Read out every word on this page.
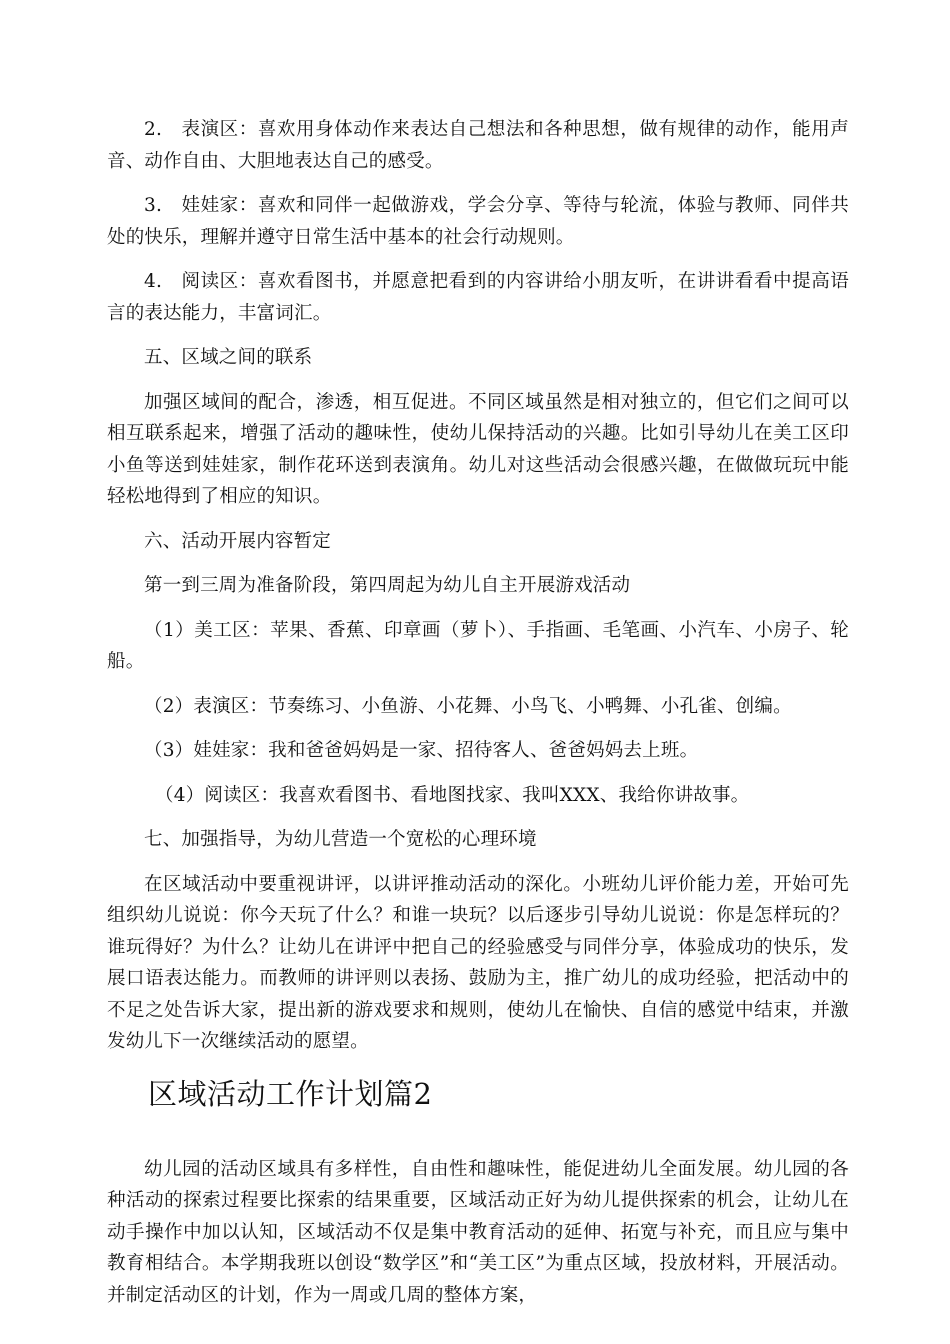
2.　表演区：喜欢用身体动作来表达自己想法和各种思想，做有规律的动作，能用声音、动作自由、大胆地表达自己的感受。

3.　娃娃家：喜欢和同伴一起做游戏，学会分享、等待与轮流，体验与教师、同伴共处的快乐，理解并遵守日常生活中基本的社会行动规则。

4.　阅读区：喜欢看图书，并愿意把看到的内容讲给小朋友听，在讲讲看看中提高语言的表达能力，丰富词汇。

五、区域之间的联系

加强区域间的配合，渗透，相互促进。不同区域虽然是相对独立的，但它们之间可以相互联系起来，增强了活动的趣味性，使幼儿保持活动的兴趣。比如引导幼儿在美工区印小鱼等送到娃娃家，制作花环送到表演角。幼儿对这些活动会很感兴趣，在做做玩玩中能轻松地得到了相应的知识。

六、活动开展内容暂定

第一到三周为准备阶段，第四周起为幼儿自主开展游戏活动

（1）美工区：苹果、香蕉、印章画（萝卜）、手指画、毛笔画、小汽车、小房子、轮船。

（2）表演区：节奏练习、小鱼游、小花舞、小鸟飞、小鸭舞、小孔雀、创编。

（3）娃娃家：我和爸爸妈妈是一家、招待客人、爸爸妈妈去上班。

（4）阅读区：我喜欢看图书、看地图找家、我叫XXX、我给你讲故事。

七、加强指导，为幼儿营造一个宽松的心理环境

在区域活动中要重视讲评，以讲评推动活动的深化。小班幼儿评价能力差，开始可先组织幼儿说说：你今天玩了什么？和谁一块玩？以后逐步引导幼儿说说：你是怎样玩的？谁玩得好？为什么？让幼儿在讲评中把自己的经验感受与同伴分享，体验成功的快乐，发展口语表达能力。而教师的讲评则以表扬、鼓励为主，推广幼儿的成功经验，把活动中的不足之处告诉大家，提出新的游戏要求和规则，使幼儿在愉快、自信的感觉中结束，并激发幼儿下一次继续活动的愿望。

区域活动工作计划篇2

幼儿园的活动区域具有多样性，自由性和趣味性，能促进幼儿全面发展。幼儿园的各种活动的探索过程要比探索的结果重要，区域活动正好为幼儿提供探索的机会，让幼儿在动手操作中加以认知，区域活动不仅是集中教育活动的延伸、拓宽与补充，而且应与集中教育相结合。本学期我班以创设“数学区”和“美工区”为重点区域，投放材料，开展活动。并制定活动区的计划，作为一周或几周的整体方案，
